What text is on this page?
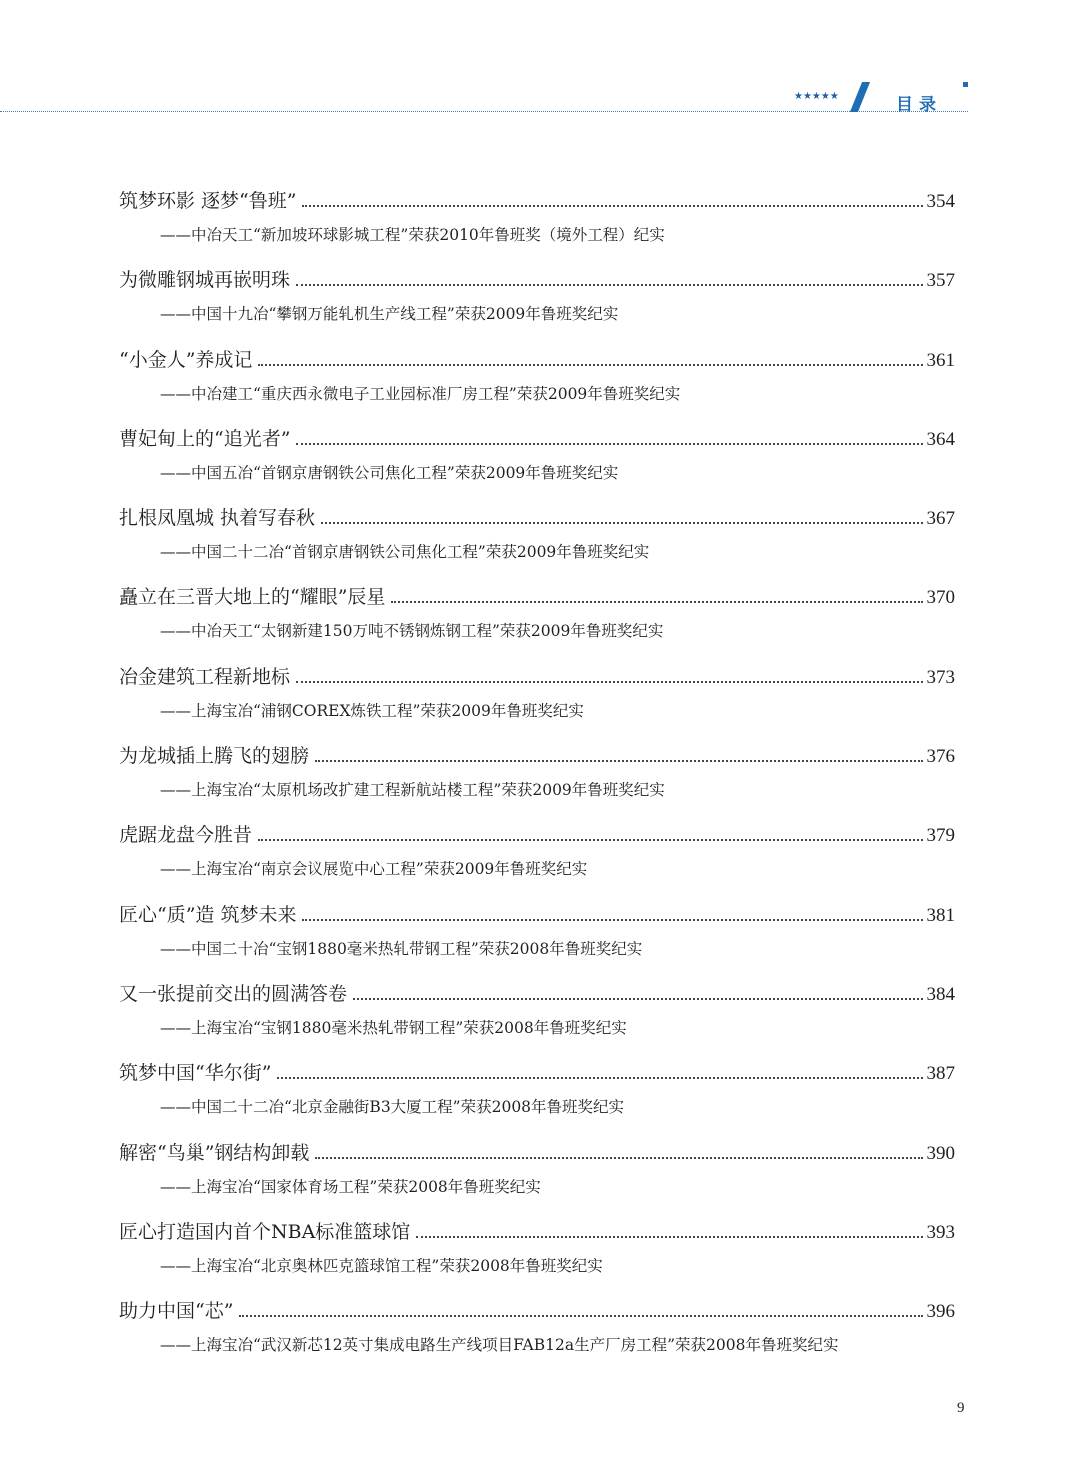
★★★★★	目录
筑梦环影 逐梦“鲁班”	354
——中冶天工“新加坡环球影城工程”荣获2010年鲁班奖（境外工程）纪实
为微雕钢城再嵌明珠	357
——中国十九冶“攀钢万能轧机生产线工程”荣获2009年鲁班奖纪实
“小金人”养成记	361
——中冶建工“重庆西永微电子工业园标准厂房工程”荣获2009年鲁班奖纪实
曹妃甸上的“追光者”	364
——中国五冶“首钢京唐钢铁公司焦化工程”荣获2009年鲁班奖纪实
扎根凤凰城 执着写春秋	367
——中国二十二冶“首钢京唐钢铁公司焦化工程”荣获2009年鲁班奖纪实
矗立在三晋大地上的“耀眼”辰星	370
——中冶天工“太钢新建150万吨不锈钢炼钢工程”荣获2009年鲁班奖纪实
冶金建筑工程新地标	373
——上海宝冶“浦钢COREX炼铁工程”荣获2009年鲁班奖纪实
为龙城插上腾飞的翅膀	376
——上海宝冶“太原机场改扩建工程新航站楼工程”荣获2009年鲁班奖纪实
虎踞龙盘今胜昔	379
——上海宝冶“南京会议展览中心工程”荣获2009年鲁班奖纪实
匠心“质”造 筑梦未来	381
——中国二十冶“宝钢1880毫米热轧带钢工程”荣获2008年鲁班奖纪实
又一张提前交出的圆满答卷	384
——上海宝冶“宝钢1880毫米热轧带钢工程”荣获2008年鲁班奖纪实
筑梦中国“华尔街”	387
——中国二十二冶“北京金融街B3大厦工程”荣获2008年鲁班奖纪实
解密“鸟巢”钢结构卸载	390
——上海宝冶“国家体育场工程”荣获2008年鲁班奖纪实
匠心打造国内首个NBA标准篮球馆	393
——上海宝冶“北京奥林匹克篮球馆工程”荣获2008年鲁班奖纪实
助力中国“芯”	396
——上海宝冶“武汉新芯12英寸集成电路生产线项目FAB12a生产厂房工程”荣获2008年鲁班奖纪实
9
